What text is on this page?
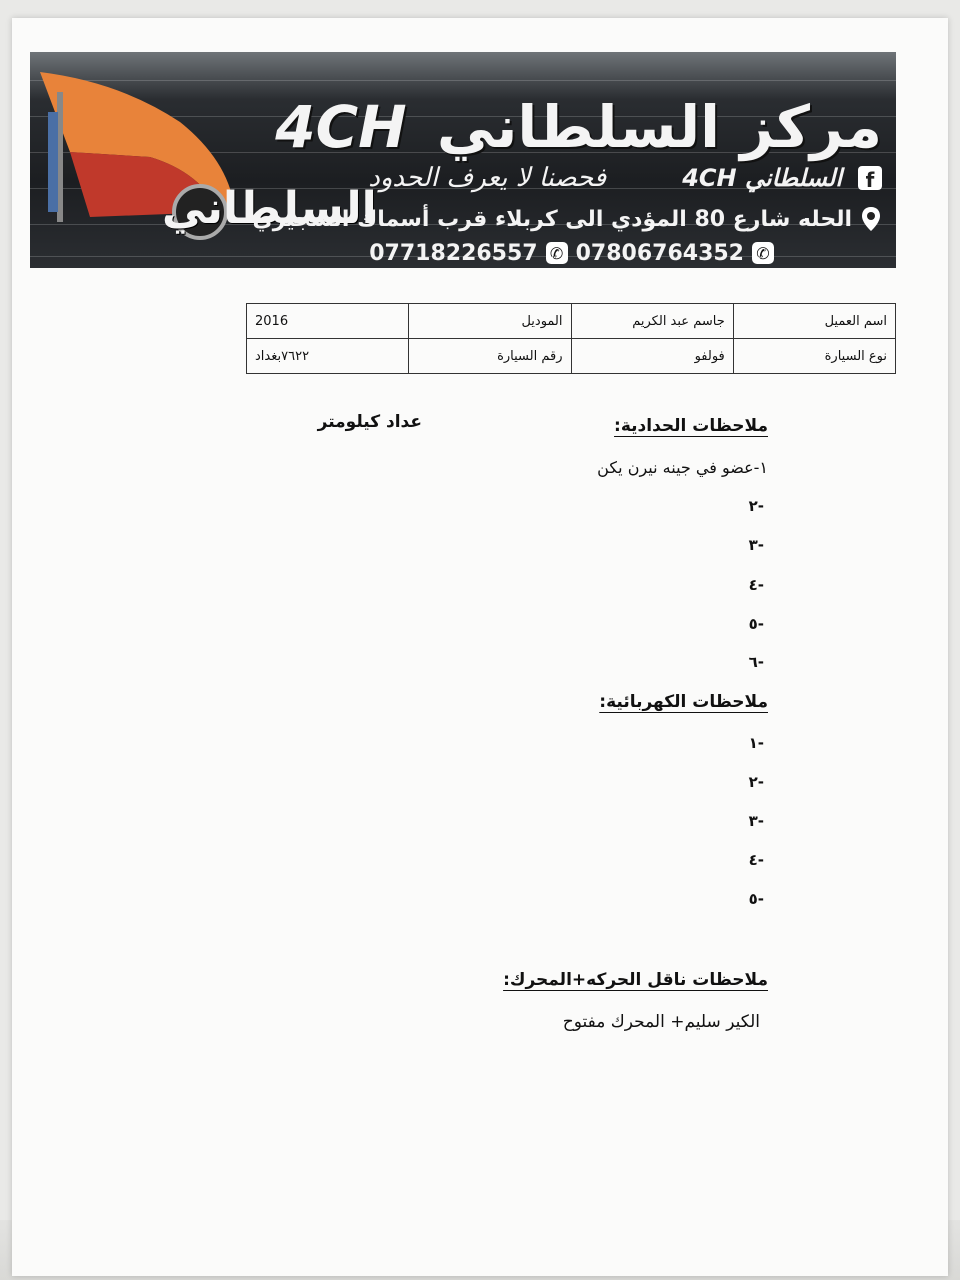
السلطاني
مركز السلطاني 4CH
f
السلطاني 4CH
فحصنا لا يعرف الحدود
الحله شارع 80 المؤدي الى كربلاء قرب أسماك الشجيري
✆
07806764352
✆
07718226557
اسم العميل	جاسم عبد الكريم	الموديل	2016
نوع السيارة	فولفو	رقم السيارة	٧٦٢٢بغداد
ملاحظات الحدادية:
عداد كيلومتر
١-عضو في جينه نيرن يكن
-٢
-٣
-٤
-٥
-٦
ملاحظات الكهربائية:
-١
-٢
-٣
-٤
-٥
ملاحظات ناقل الحركه+المحرك:
الكير سليم+ المحرك مفتوح
